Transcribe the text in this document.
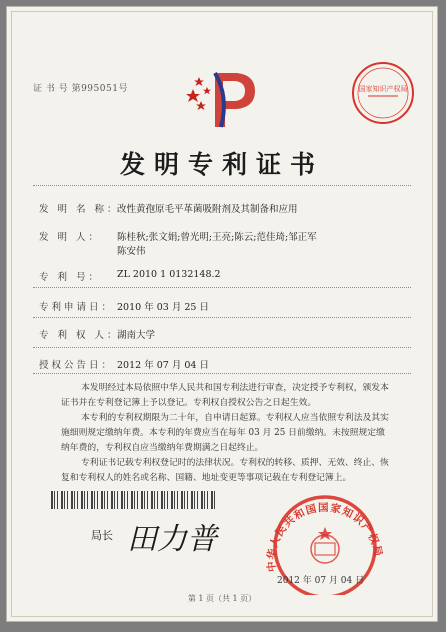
证 书 号 第995051号	国家知识产权局
发明专利证书
发 明 名 称：
改性黄孢原毛平革菌吸附剂及其制备和应用
发 明 人： 陈桂秋;张文娟;曾光明;王亮;陈云;范佳琦;邹正军
陈安伟
专 利 号： ZL 2010 1 0132148.2
专利申请日： 2010 年 03 月 25 日
专 利 权 人：
湖南大学
授权公告日： 2012 年 07 月 04 日
本发明经过本局依照中华人民共和国专利法进行审查，决定授予专利权，颁发本证书并在专利登记簿上予以登记。专利权自授权公告之日起生效。
本专利的专利权期限为二十年，自申请日起算。专利权人应当依照专利法及其实施细则规定缴纳年费。本专利的年费应当在每年 03 月 25 日前缴纳。未按照规定缴纳年费的，专利权自应当缴纳年费期满之日起终止。
专利证书记载专利权登记时的法律状况。专利权的转移、质押、无效、终止、恢复和专利权人的姓名或名称、国籍、地址变更等事项记载在专利登记簿上。
局长 田力普
中华人民共和国国家知识产权局
2012 年 07 月 04 日
第 1 页（共 1 页）
